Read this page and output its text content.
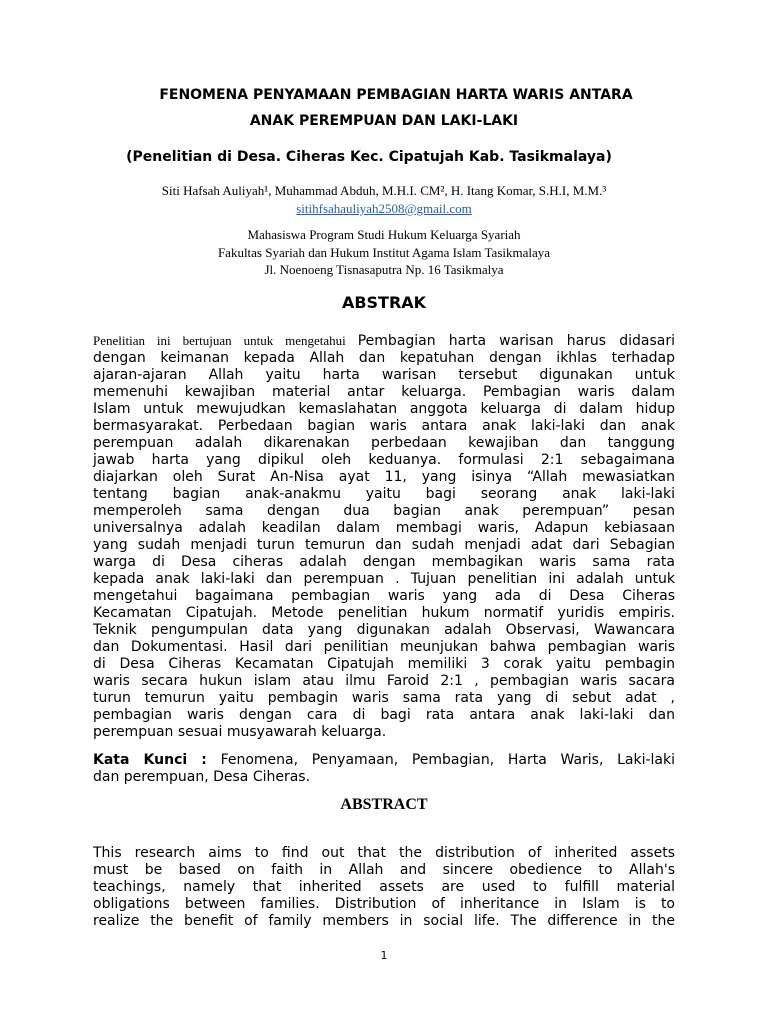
FENOMENA PENYAMAAN PEMBAGIAN HARTA WARIS ANTARA
ANAK PEREMPUAN DAN LAKI-LAKI
(Penelitian di Desa. Ciheras Kec. Cipatujah Kab. Tasikmalaya)
Siti Hafsah Auliyah¹, Muhammad Abduh, M.H.I. CM², H. Itang Komar, S.H.I, M.M.³
sitihfsahauliyah2508@gmail.com
Mahasiswa Program Studi Hukum Keluarga Syariah
Fakultas Syariah dan Hukum Institut Agama Islam Tasikmalaya
Jl. Noenoeng Tisnasaputra Np. 16 Tasikmalya
ABSTRAK
Penelitian ini bertujuan untuk mengetahui Pembagian harta warisan harus didasari
dengan keimanan kepada Allah dan kepatuhan dengan ikhlas terhadap
ajaran-ajaran Allah yaitu harta warisan tersebut digunakan untuk
memenuhi kewajiban material antar keluarga. Pembagian waris dalam
Islam untuk mewujudkan kemaslahatan anggota keluarga di dalam hidup
bermasyarakat. Perbedaan bagian waris antara anak laki-laki dan anak
perempuan adalah dikarenakan perbedaan kewajiban dan tanggung
jawab harta yang dipikul oleh keduanya. formulasi 2:1 sebagaimana
diajarkan oleh Surat An-Nisa ayat 11, yang isinya “Allah mewasiatkan
tentang bagian anak-anakmu yaitu bagi seorang anak laki-laki
memperoleh sama dengan dua bagian anak perempuan” pesan
universalnya adalah keadilan dalam membagi waris, Adapun kebiasaan
yang sudah menjadi turun temurun dan sudah menjadi adat dari Sebagian
warga di Desa ciheras adalah dengan membagikan waris sama rata
kepada anak laki-laki dan perempuan . Tujuan penelitian ini adalah untuk
mengetahui bagaimana pembagian waris yang ada di Desa Ciheras
Kecamatan Cipatujah. Metode penelitian hukum normatif yuridis empiris.
Teknik pengumpulan data yang digunakan adalah Observasi, Wawancara
dan Dokumentasi. Hasil dari penilitian meunjukan bahwa pembagian waris
di Desa Ciheras Kecamatan Cipatujah memiliki 3 corak yaitu pembagin
waris secara hukun islam atau ilmu Faroid 2:1 , pembagian waris sacara
turun temurun yaitu pembagin waris sama rata yang di sebut adat ,
pembagian waris dengan cara di bagi rata antara anak laki-laki dan
perempuan sesuai musyawarah keluarga.
Kata Kunci : Fenomena, Penyamaan, Pembagian, Harta Waris, Laki-laki
dan perempuan, Desa Ciheras.
ABSTRACT
This research aims to find out that the distribution of inherited assets
must be based on faith in Allah and sincere obedience to Allah's
teachings, namely that inherited assets are used to fulfill material
obligations between families. Distribution of inheritance in Islam is to
realize the benefit of family members in social life. The difference in the
1
